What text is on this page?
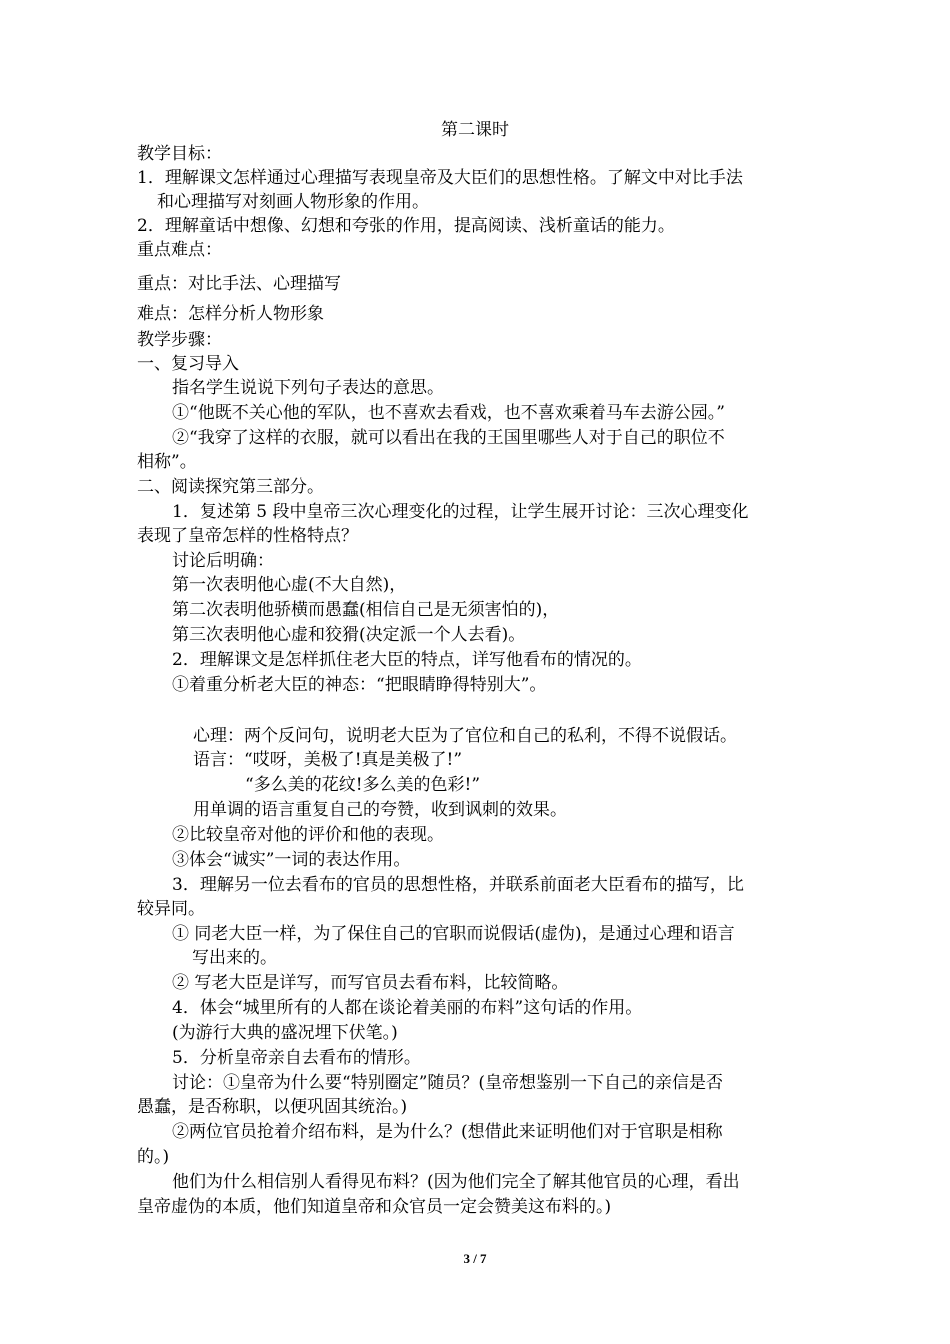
第二课时
教学目标：
1．理解课文怎样通过心理描写表现皇帝及大臣们的思想性格。了解文中对比手法
和心理描写对刻画人物形象的作用。
2．理解童话中想像、幻想和夸张的作用，提高阅读、浅析童话的能力。
重点难点：
重点：对比手法、心理描写
难点：怎样分析人物形象
教学步骤：
一、复习导入
指名学生说说下列句子表达的意思。
①“他既不关心他的军队，也不喜欢去看戏，也不喜欢乘着马车去游公园。”
②“我穿了这样的衣服，就可以看出在我的王国里哪些人对于自己的职位不
相称”。
二、阅读探究第三部分。
1．复述第 5 段中皇帝三次心理变化的过程，让学生展开讨论：三次心理变化
表现了皇帝怎样的性格特点？
讨论后明确：
第一次表明他心虚(不大自然)，
第二次表明他骄横而愚蠢(相信自己是无须害怕的)，
第三次表明他心虚和狡猾(决定派一个人去看)。
2．理解课文是怎样抓住老大臣的特点，详写他看布的情况的。
①着重分析老大臣的神态：“把眼睛睁得特别大”。
心理：两个反问句，说明老大臣为了官位和自己的私利，不得不说假话。
语言：“哎呀，美极了!真是美极了!”
“多么美的花纹!多么美的色彩!”
用单调的语言重复自己的夸赞，收到讽刺的效果。
②比较皇帝对他的评价和他的表现。
③体会“诚实”一词的表达作用。
3．理解另一位去看布的官员的思想性格，并联系前面老大臣看布的描写，比
较异同。
① 同老大臣一样，为了保住自己的官职而说假话(虚伪)，是通过心理和语言
写出来的。
② 写老大臣是详写，而写官员去看布料，比较简略。
4．体会“城里所有的人都在谈论着美丽的布料”这句话的作用。
(为游行大典的盛况埋下伏笔。)
5．分析皇帝亲自去看布的情形。
讨论：①皇帝为什么要“特别圈定”随员？(皇帝想鉴别一下自己的亲信是否
愚蠢，是否称职，以便巩固其统治。)
②两位官员抢着介绍布料，是为什么？(想借此来证明他们对于官职是相称
的。)
他们为什么相信别人看得见布料？(因为他们完全了解其他官员的心理，看出
皇帝虚伪的本质，他们知道皇帝和众官员一定会赞美这布料的。)
3 / 7
